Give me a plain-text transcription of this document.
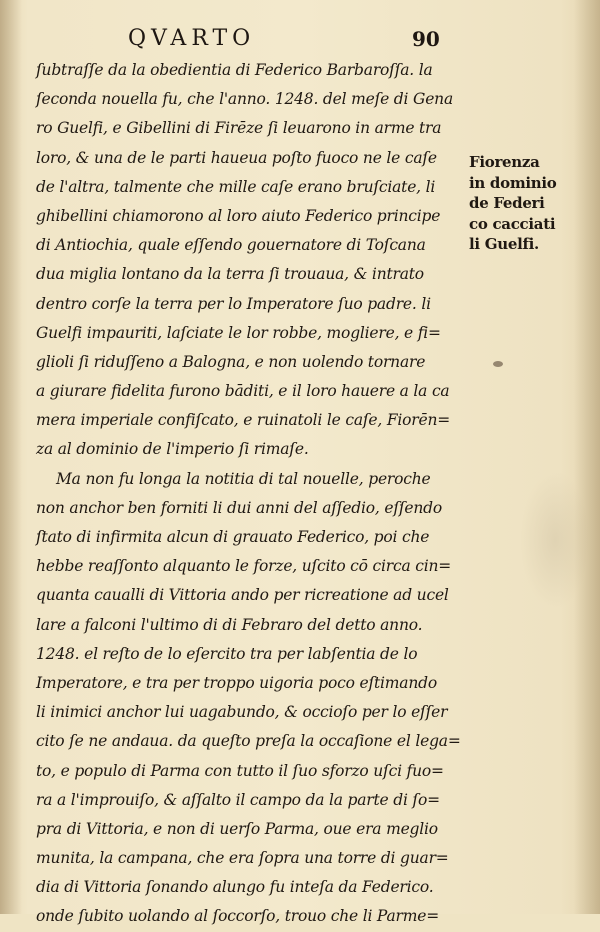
QVARTO	90
ſubtraſſe da la obedientia di Federico Barbaroſſa. la
ſeconda nouella fu, che l'anno. 1248. del meſe di Gena
ro Guelfi, e Gibellini di Firēze ſi leuarono in arme tra
loro, & una de le parti haueua poſto fuoco ne le caſe
de l'altra, talmente che mille caſe erano bruſciate, li
ghibellini chiamorono al loro aiuto Federico principe
di Antiochia, quale eſſendo gouernatore di Toſcana
dua miglia lontano da la terra ſi trouaua, & intrato
dentro corſe la terra per lo Imperatore ſuo padre. li
Guelfi impauriti, laſciate le lor robbe, mogliere, e fi=
glioli ſi riduſſeno a Balogna, e non uolendo tornare
a giurare fidelita furono bāditi, e il loro hauere a la ca
mera imperiale confiſcato, e ruinatoli le caſe, Fiorēn=
za al dominio de l'imperio ſi rimaſe.
Ma non fu longa la notitia di tal nouelle, peroche
non anchor ben forniti li dui anni del aſſedio, eſſendo
ſtato di infirmita alcun di grauato Federico, poi che
hebbe reaſſonto alquanto le forze, uſcito cō circa cin=
quanta caualli di Vittoria ando per ricreatione ad ucel
lare a falconi l'ultimo di di Febraro del detto anno.
1248. el reſto de lo eſercito tra per labſentia de lo
Imperatore, e tra per troppo uigoria poco eſtimando
li inimici anchor lui uagabundo, & occioſo per lo eſſer
cito ſe ne andaua. da queſto preſa la occaſione el lega=
to, e populo di Parma con tutto il ſuo sforzo uſci fuo=
ra a l'improuiſo, & aſſalto il campo da la parte di ſo=
pra di Vittoria, e non di uerſo Parma, oue era meglio
munita, la campana, che era ſopra una torre di guar=
dia di Vittoria ſonando alungo fu inteſa da Federico.
onde ſubito uolando al ſoccorſo, trouo che li Parme=
Fiorenza
in dominio
de Federi
co cacciati
li Guelfi.
